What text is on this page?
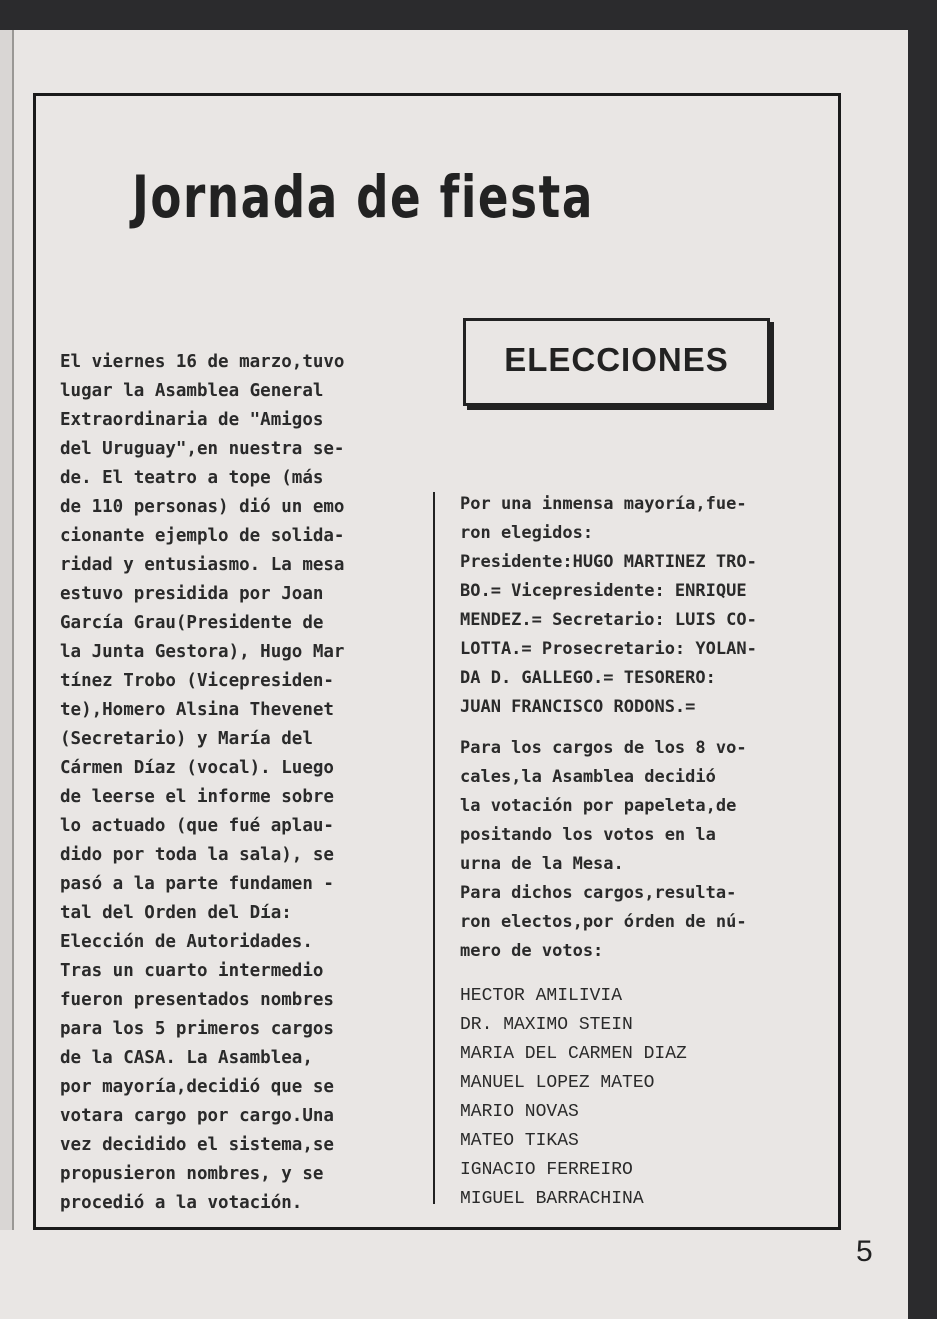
Jornada de fiesta
ELECCIONES
El viernes 16 de marzo,tuvo
lugar la Asamblea General
Extraordinaria de "Amigos
del Uruguay",en nuestra se-
de. El teatro a tope (más
de 110 personas) dió un emo
cionante ejemplo de solida-
ridad y entusiasmo. La mesa
estuvo presidida por Joan
García Grau(Presidente de
la Junta Gestora), Hugo Mar
tínez Trobo (Vicepresiden-
te),Homero Alsina Thevenet
(Secretario) y María del
Cármen Díaz (vocal). Luego
de leerse el informe sobre
lo actuado (que fué aplau-
dido por toda la sala), se
pasó a la parte fundamen -
tal del Orden del Día:
Elección de Autoridades.
Tras un cuarto intermedio
fueron presentados nombres
para los 5 primeros cargos
de la CASA. La Asamblea,
por mayoría,decidió que se
votara cargo por cargo.Una
vez decidido el sistema,se
propusieron nombres, y se
procedió a la votación.
Por una inmensa mayoría,fue-
ron elegidos:
Presidente:HUGO MARTINEZ TRO-
BO.= Vicepresidente: ENRIQUE
MENDEZ.= Secretario: LUIS CO-
LOTTA.= Prosecretario: YOLAN-
DA D. GALLEGO.= TESORERO:
JUAN FRANCISCO RODONS.=
Para los cargos de los 8 vo-
cales,la Asamblea decidió
la votación por papeleta,de
positando los votos en la
urna de la Mesa.
Para dichos cargos,resulta-
ron electos,por órden de nú-
mero de votos:
HECTOR AMILIVIA
DR. MAXIMO STEIN
MARIA DEL CARMEN DIAZ
MANUEL LOPEZ MATEO
MARIO NOVAS
MATEO TIKAS
IGNACIO FERREIRO
MIGUEL BARRACHINA
5
